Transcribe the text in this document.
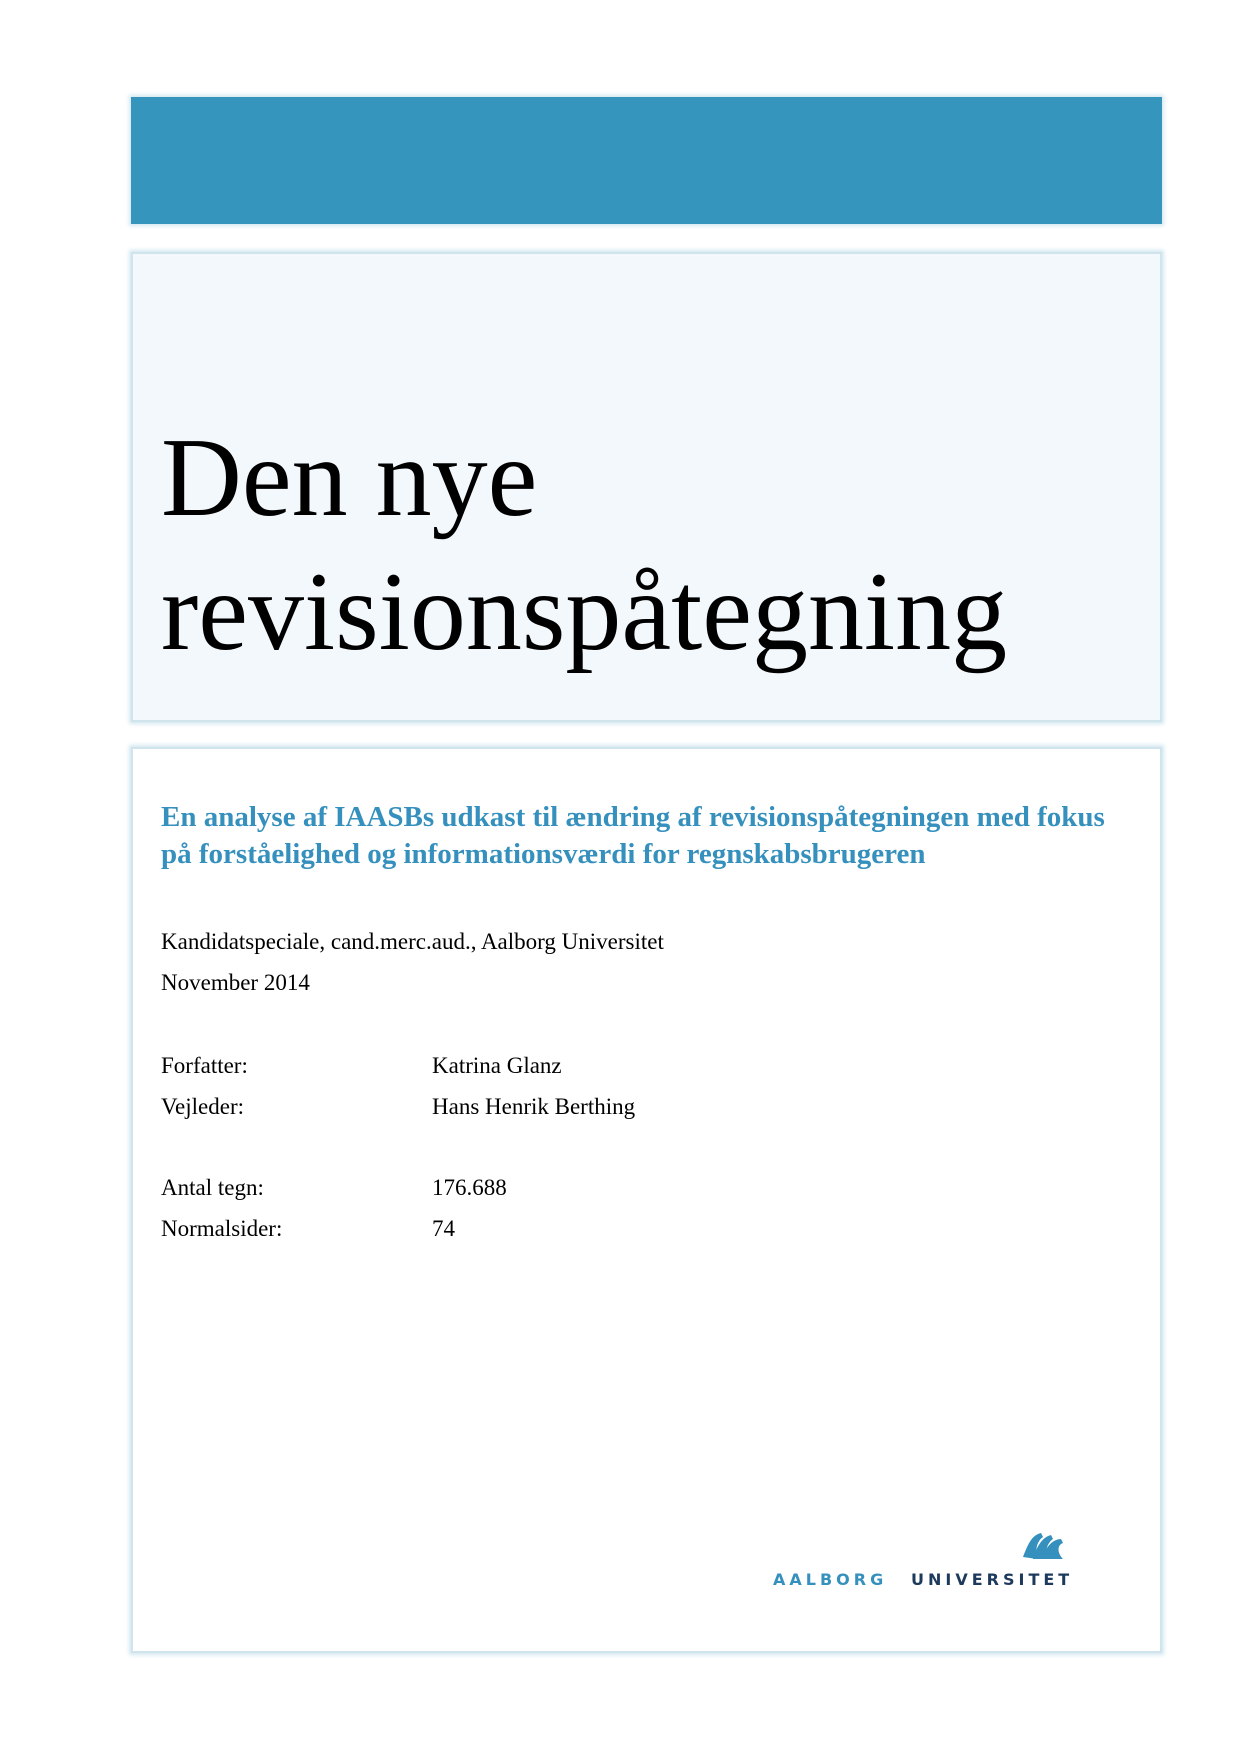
Den nye
revisionspåtegning
En analyse af IAASBs udkast til ændring af revisionspåtegningen med fokus på forståelighed og informationsværdi for regnskabsbrugeren
Kandidatspeciale, cand.merc.aud., Aalborg Universitet
November 2014
Forfatter:	Katrina Glanz
Vejleder:	Hans Henrik Berthing
Antal tegn:	176.688
Normalsider:	74
AALBORG UNIVERSITET
